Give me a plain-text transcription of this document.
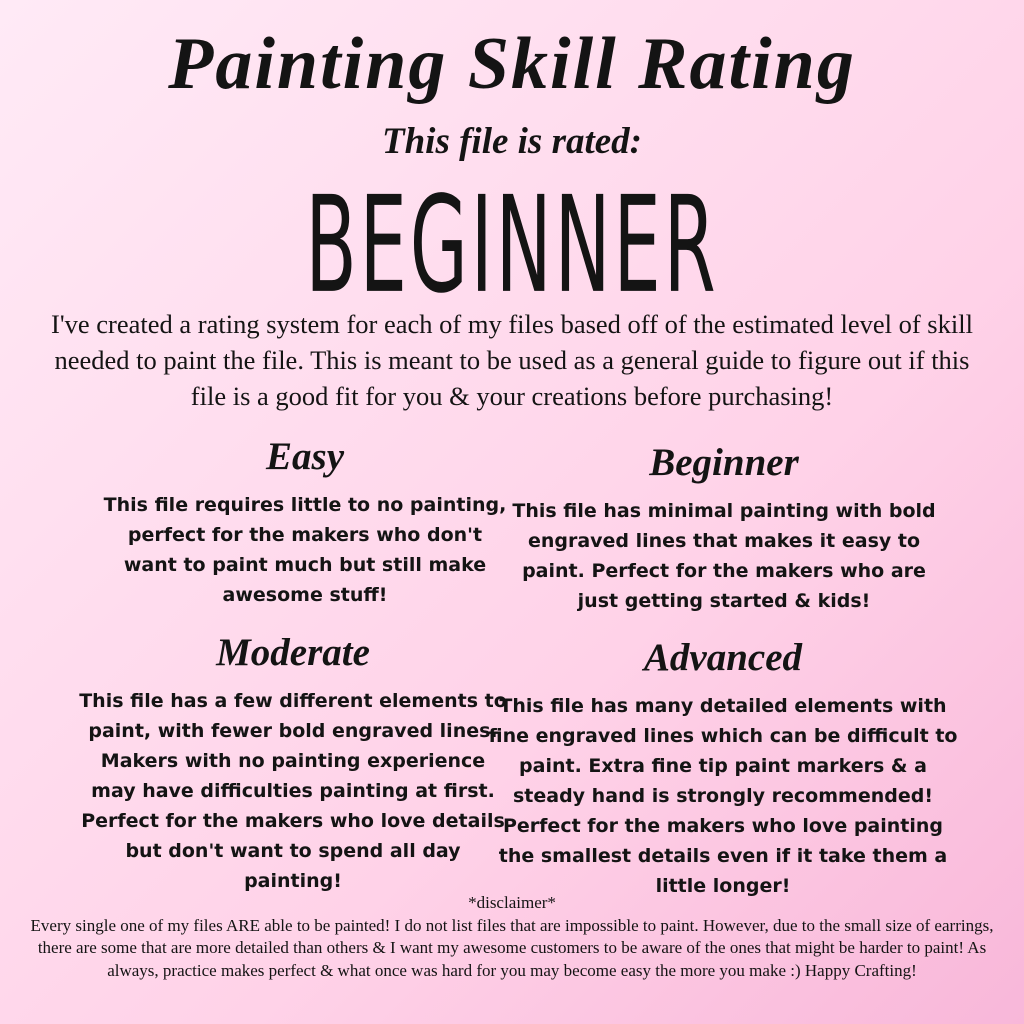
Painting Skill Rating
This file is rated:
BEGINNER
I've created a rating system for each of my files based off of the estimated level of skill needed to paint the file. This is meant to be used as a general guide to figure out if this file is a good fit for you & your creations before purchasing!
Easy

This file requires little to no painting, perfect for the makers who don't want to paint much but still make awesome stuff!

Beginner

This file has minimal painting with bold engraved lines that makes it easy to paint. Perfect for the makers who are just getting started & kids!

Moderate

This file has a few different elements to paint, with fewer bold engraved lines. Makers with no painting experience may have difficulties painting at first. Perfect for the makers who love details but don't want to spend all day painting!

Advanced

This file has many detailed elements with fine engraved lines which can be difficult to paint. Extra fine tip paint markers & a steady hand is strongly recommended! Perfect for the makers who love painting the smallest details even if it take them a little longer!

*disclaimer*

Every single one of my files ARE able to be painted! I do not list files that are impossible to paint. However, due to the small size of earrings, there are some that are more detailed than others & I want my awesome customers to be aware of the ones that might be harder to paint! As always, practice makes perfect & what once was hard for you may become easy the more you make :) Happy Crafting!
